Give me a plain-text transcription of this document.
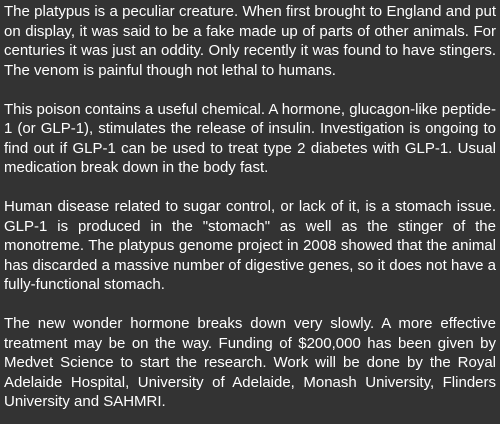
The platypus is a peculiar creature. When first brought to England and put on display, it was said to be a fake made up of parts of other animals. For centuries it was just an oddity. Only recently it was found to have stingers. The venom is painful though not lethal to humans.

This poison contains a useful chemical. A hormone, glucagon-like peptide-1 (or GLP-1), stimulates the release of insulin. Investigation is ongoing to find out if GLP-1 can be used to treat type 2 diabetes with GLP-1. Usual medication break down in the body fast.

Human disease related to sugar control, or lack of it, is a stomach issue. GLP-1 is produced in the "stomach" as well as the stinger of the monotreme. The platypus genome project in 2008 showed that the animal has discarded a massive number of digestive genes, so it does not have a fully-functional stomach.

The new wonder hormone breaks down very slowly. A more effective treatment may be on the way. Funding of $200,000 has been given by Medvet Science to start the research. Work will be done by the Royal Adelaide Hospital, University of Adelaide, Monash University, Flinders University and SAHMRI.
